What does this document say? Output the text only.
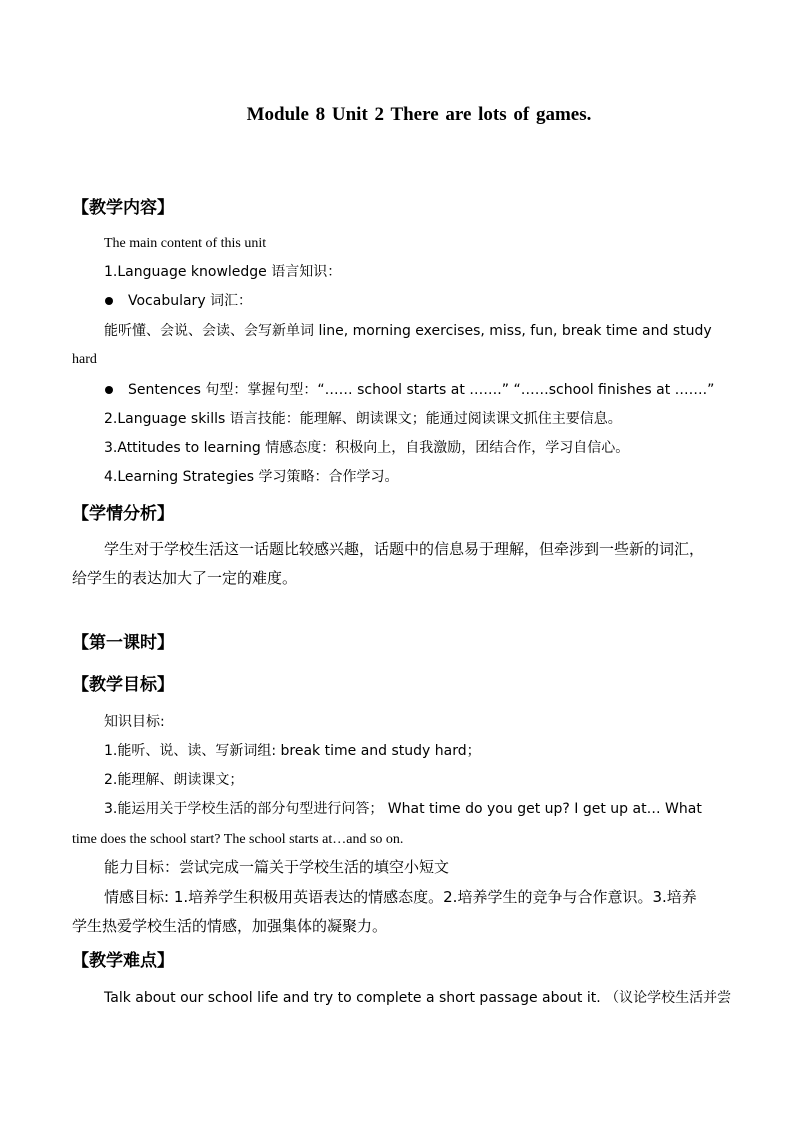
Module 8 Unit 2 There are lots of games.
【教学内容】
The main content of this unit
1.Language knowledge 语言知识：
Vocabulary 词汇：
能听懂、会说、会读、会写新单词 line, morning exercises, miss, fun, break time and study
hard
Sentences 句型：掌握句型：“…… school starts at …….” “……school finishes at …….”
2.Language skills 语言技能：能理解、朗读课文；能通过阅读课文抓住主要信息。
3.Attitudes to learning 情感态度：积极向上，自我激励，团结合作，学习自信心。
4.Learning Strategies 学习策略：合作学习。
【学情分析】
学生对于学校生活这一话题比较感兴趣，话题中的信息易于理解，但牵涉到一些新的词汇，
给学生的表达加大了一定的难度。
【第一课时】
【教学目标】
知识目标:
1.能听、说、读、写新词组: break time and study hard；
2.能理解、朗读课文；
3.能运用关于学校生活的部分句型进行问答； What time do you get up? I get up at… What
time does the school start? The school starts at…and so on.
能力目标：尝试完成一篇关于学校生活的填空小短文
情感目标: 1.培养学生积极用英语表达的情感态度。2.培养学生的竞争与合作意识。3.培养
学生热爱学校生活的情感，加强集体的凝聚力。
【教学难点】
Talk about our school life and try to complete a short passage about it. （议论学校生活并尝
